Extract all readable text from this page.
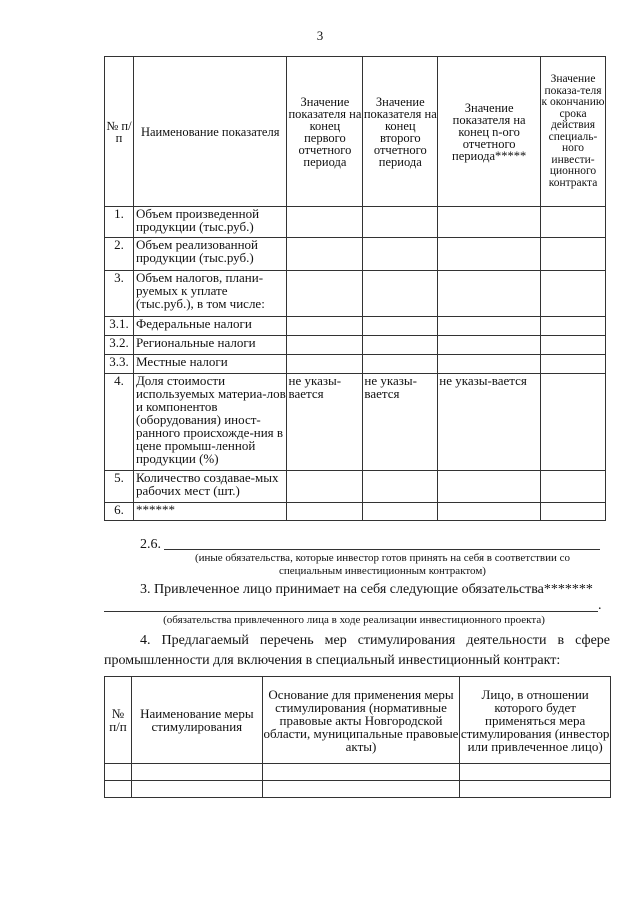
3
№ п/п	Наименование показателя	Значение показателя на конец первого отчетного периода	Значение показателя на конец второго отчетного периода	Значение показателя на конец n-ого отчетного периода*****	Значение показа-теля к окончанию срока действия специаль-ного инвести-ционного контракта
1.	Объем произведенной продукции (тыс.руб.)				
2.	Объем реализованной продукции (тыс.руб.)				
3.	Объем налогов, плани-руемых к уплате (тыс.руб.), в том числе:				
3.1.	Федеральные налоги				
3.2.	Региональные налоги				
3.3.	Местные налоги				
4.	Доля стоимости используемых материа-лов и компонентов (оборудования) иност-ранного происхожде-ния в цене промыш-ленной продукции (%)	не указы-вается	не указы-вается	не указы-вается	
5.	Количество создавае-мых рабочих мест (шт.)				
6.	******				
2.6.
(иные обязательства, которые инвестор готов принять на себя в соответствии со специальным инвестиционным контрактом)
3. Привлеченное лицо принимает на себя следующие обязательства*******
.
(обязательства привлеченного лица в ходе реализации инвестиционного проекта)
4. Предлагаемый перечень мер стимулирования деятельности в сфере
промышленности для включения в специальный инвестиционный контракт:
№ п/п	Наименование меры стимулирования	Основание для применения меры стимулирования (нормативные правовые акты Новгородской области, муниципальные правовые акты)	Лицо, в отношении которого будет применяться мера стимулирования (инвестор или привлеченное лицо)
